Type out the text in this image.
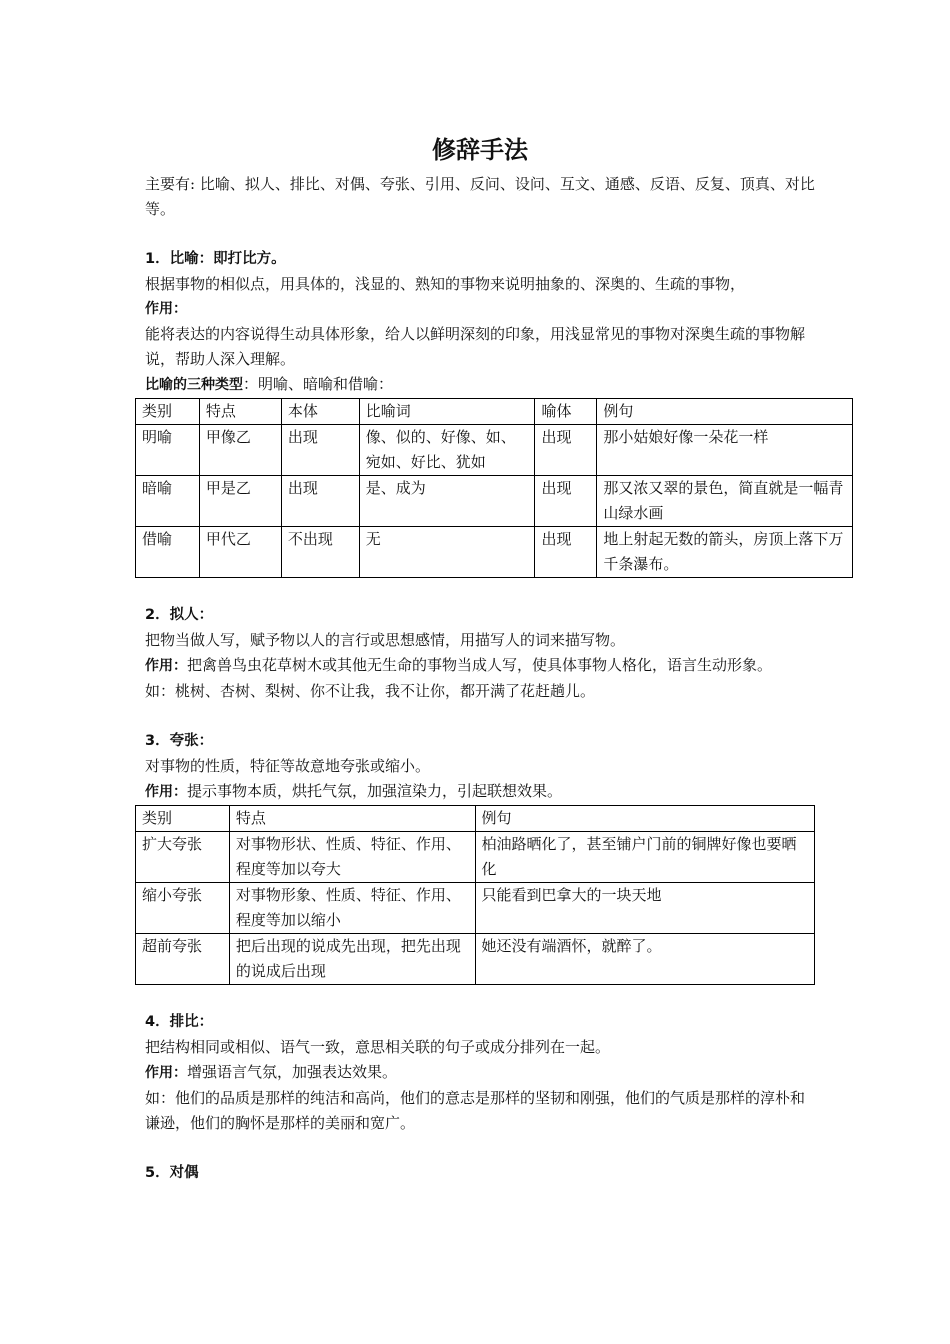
修辞手法

主要有: 比喻、拟人、排比、对偶、夸张、引用、反问、设问、互文、通感、反语、反复、顶真、对比等。

1．比喻：即打比方。

根据事物的相似点，用具体的，浅显的、熟知的事物来说明抽象的、深奥的、生疏的事物，

作用：

能将表达的内容说得生动具体形象，给人以鲜明深刻的印象，用浅显常见的事物对深奥生疏的事物解说，帮助人深入理解。

比喻的三种类型：明喻、暗喻和借喻：

类别	特点	本体	比喻词	喻体	例句
明喻	甲像乙	出现	像、似的、好像、如、宛如、好比、犹如	出现	那小姑娘好像一朵花一样
暗喻	甲是乙	出现	是、成为	出现	那又浓又翠的景色，简直就是一幅青山绿水画
借喻	甲代乙	不出现	无	出现	地上射起无数的箭头，房顶上落下万千条瀑布。

2．拟人：

把物当做人写，赋予物以人的言行或思想感情，用描写人的词来描写物。

作用：把禽兽鸟虫花草树木或其他无生命的事物当成人写，使具体事物人格化，语言生动形象。

如：桃树、杏树、梨树、你不让我，我不让你，都开满了花赶趟儿。

3．夸张：

对事物的性质，特征等故意地夸张或缩小。

作用：提示事物本质，烘托气氛，加强渲染力，引起联想效果。

类别	特点	例句
扩大夸张	对事物形状、性质、特征、作用、程度等加以夸大	柏油路晒化了，甚至铺户门前的铜牌好像也要晒化
缩小夸张	对事物形象、性质、特征、作用、程度等加以缩小	只能看到巴拿大的一块天地
超前夸张	把后出现的说成先出现，把先出现的说成后出现	她还没有端酒怀，就醉了。

4．排比：

把结构相同或相似、语气一致，意思相关联的句子或成分排列在一起。

作用：增强语言气氛，加强表达效果。

如：他们的品质是那样的纯洁和高尚，他们的意志是那样的坚韧和刚强，他们的气质是那样的淳朴和谦逊，他们的胸怀是那样的美丽和宽广。

5．对偶
